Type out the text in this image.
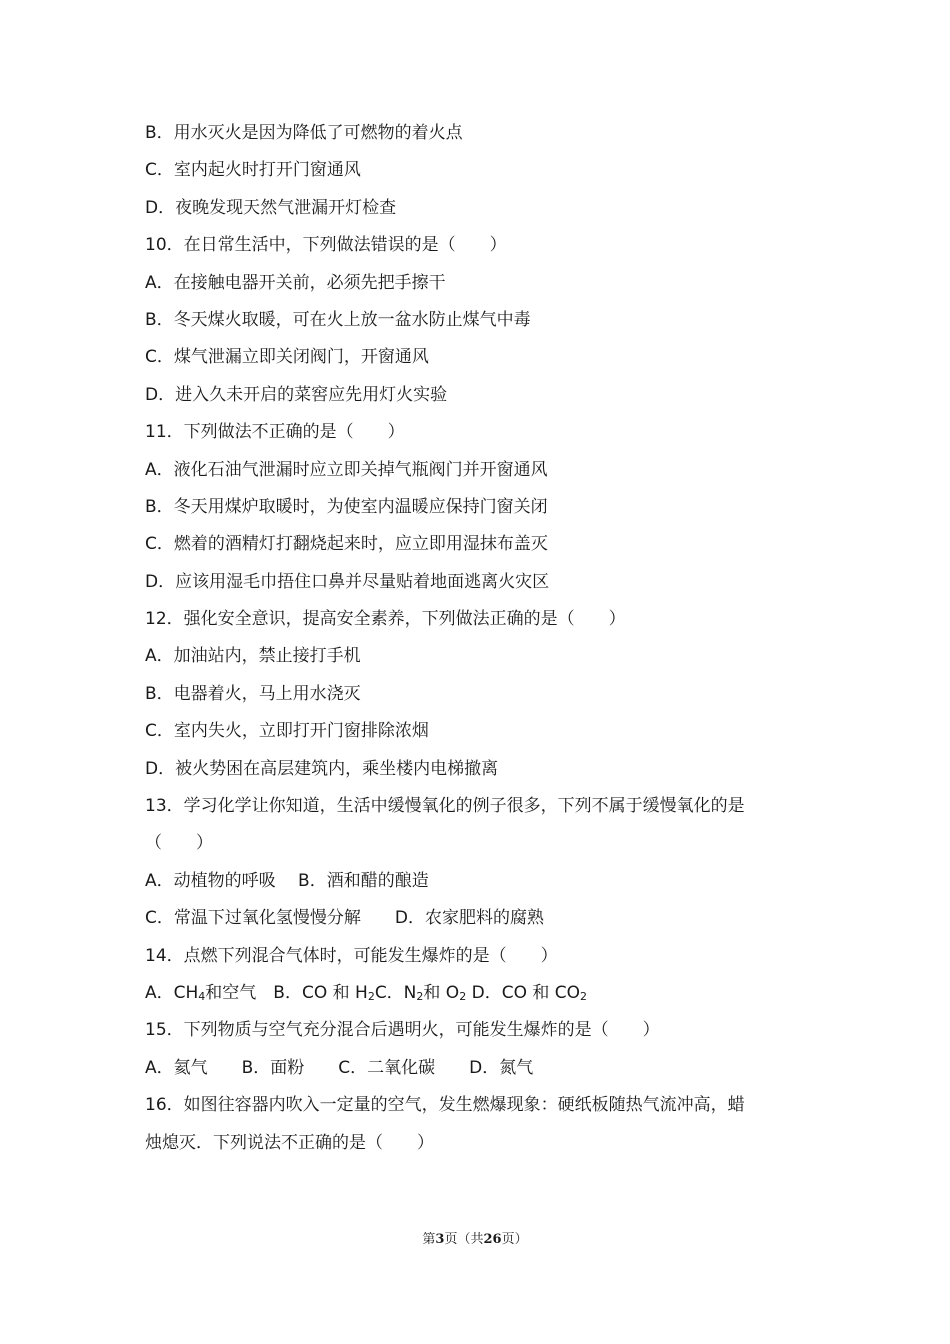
B．用水灭火是因为降低了可燃物的着火点
C．室内起火时打开门窗通风
D．夜晚发现天然气泄漏开灯检查
10．在日常生活中，下列做法错误的是（　　）
A．在接触电器开关前，必须先把手擦干
B．冬天煤火取暖，可在火上放一盆水防止煤气中毒
C．煤气泄漏立即关闭阀门，开窗通风
D．进入久未开启的菜窖应先用灯火实验
11．下列做法不正确的是（　　）
A．液化石油气泄漏时应立即关掉气瓶阀门并开窗通风
B．冬天用煤炉取暖时，为使室内温暖应保持门窗关闭
C．燃着的酒精灯打翻烧起来时，应立即用湿抹布盖灭
D．应该用湿毛巾捂住口鼻并尽量贴着地面逃离火灾区
12．强化安全意识，提高安全素养，下列做法正确的是（　　）
A．加油站内，禁止接打手机
B．电器着火，马上用水浇灭
C．室内失火，立即打开门窗排除浓烟
D．被火势困在高层建筑内，乘坐楼内电梯撤离
13．学习化学让你知道，生活中缓慢氧化的例子很多，下列不属于缓慢氧化的是
（　　）
A．动植物的呼吸　 B．酒和醋的酿造
C．常温下过氧化氢慢慢分解　　D．农家肥料的腐熟
14．点燃下列混合气体时，可能发生爆炸的是（　　）
A．$CH_4$和空气　B．CO 和 $H_2C$．$N_2$和 $O_2$ D．CO 和 $CO_2$
15．下列物质与空气充分混合后遇明火，可能发生爆炸的是（　　）
A．氦气　　B．面粉　　C．二氧化碳　　D．氮气
16．如图往容器内吹入一定量的空气，发生燃爆现象：硬纸板随热气流冲高，蜡
烛熄灭．下列说法不正确的是（　　）
第3页（共26页）
